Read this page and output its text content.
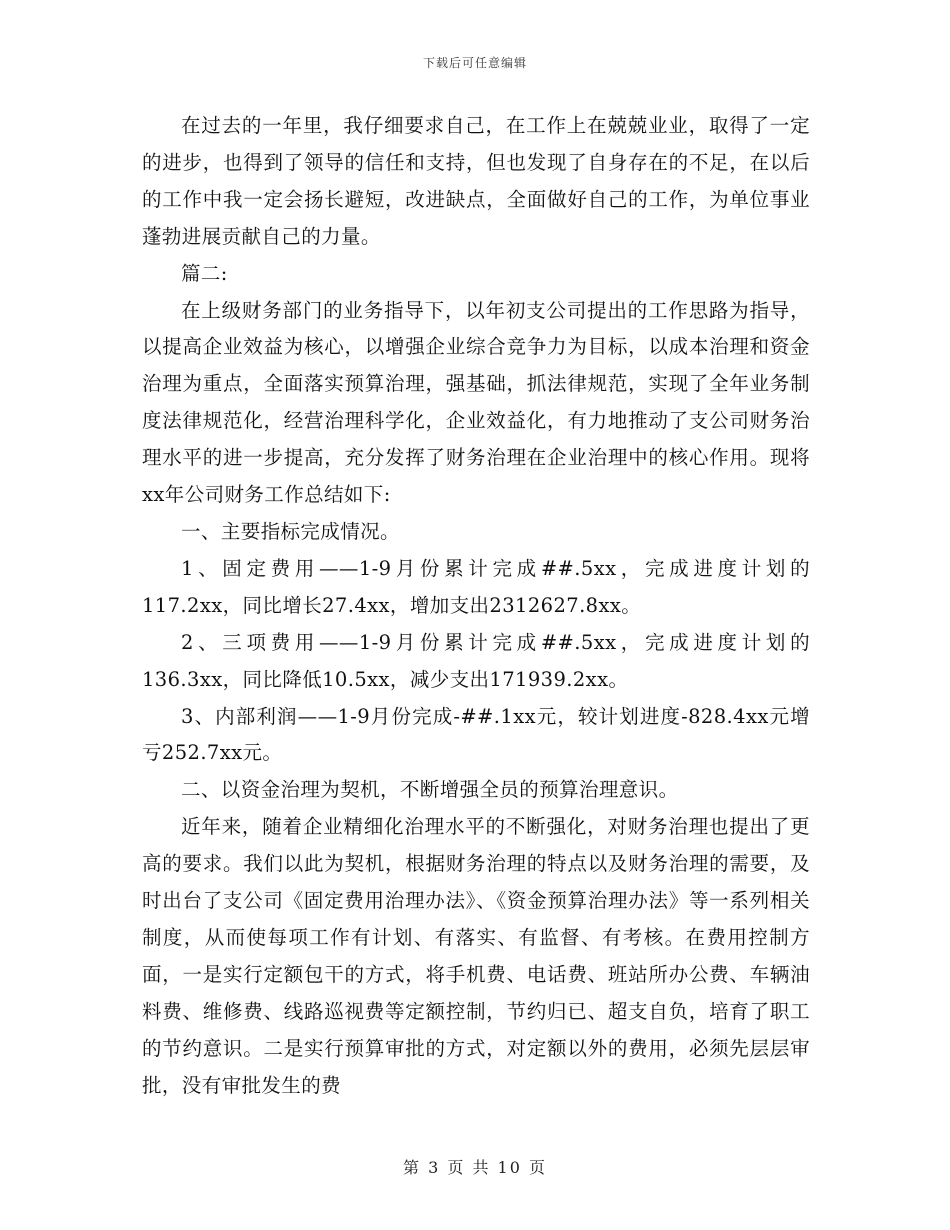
下载后可任意编辑

在过去的一年里，我仔细要求自己，在工作上在兢兢业业，取得了一定的进步，也得到了领导的信任和支持，但也发现了自身存在的不足，在以后的工作中我一定会扬长避短，改进缺点，全面做好自己的工作，为单位事业蓬勃进展贡献自己的力量。

篇二:

在上级财务部门的业务指导下，以年初支公司提出的工作思路为指导，以提高企业效益为核心，以增强企业综合竞争力为目标，以成本治理和资金治理为重点，全面落实预算治理，强基础，抓法律规范，实现了全年业务制度法律规范化，经营治理科学化，企业效益化，有力地推动了支公司财务治理水平的进一步提高，充分发挥了财务治理在企业治理中的核心作用。现将xx年公司财务工作总结如下:

一、主要指标完成情况。

1、固定费用——1-9月份累计完成##.5xx，完成进度计划的117.2xx，同比增长27.4xx，增加支出2312627.8xx。

2、三项费用——1-9月份累计完成##.5xx，完成进度计划的136.3xx，同比降低10.5xx，减少支出171939.2xx。

3、内部利润——1-9月份完成-##.1xx元，较计划进度-828.4xx元增亏252.7xx元。

二、以资金治理为契机，不断增强全员的预算治理意识。

近年来，随着企业精细化治理水平的不断强化，对财务治理也提出了更高的要求。我们以此为契机，根据财务治理的特点以及财务治理的需要，及时出台了支公司《固定费用治理办法》、《资金预算治理办法》等一系列相关制度，从而使每项工作有计划、有落实、有监督、有考核。在费用控制方面，一是实行定额包干的方式，将手机费、电话费、班站所办公费、车辆油料费、维修费、线路巡视费等定额控制，节约归已、超支自负，培育了职工的节约意识。二是实行预算审批的方式，对定额以外的费用，必须先层层审批，没有审批发生的费

第 3 页 共 10 页
